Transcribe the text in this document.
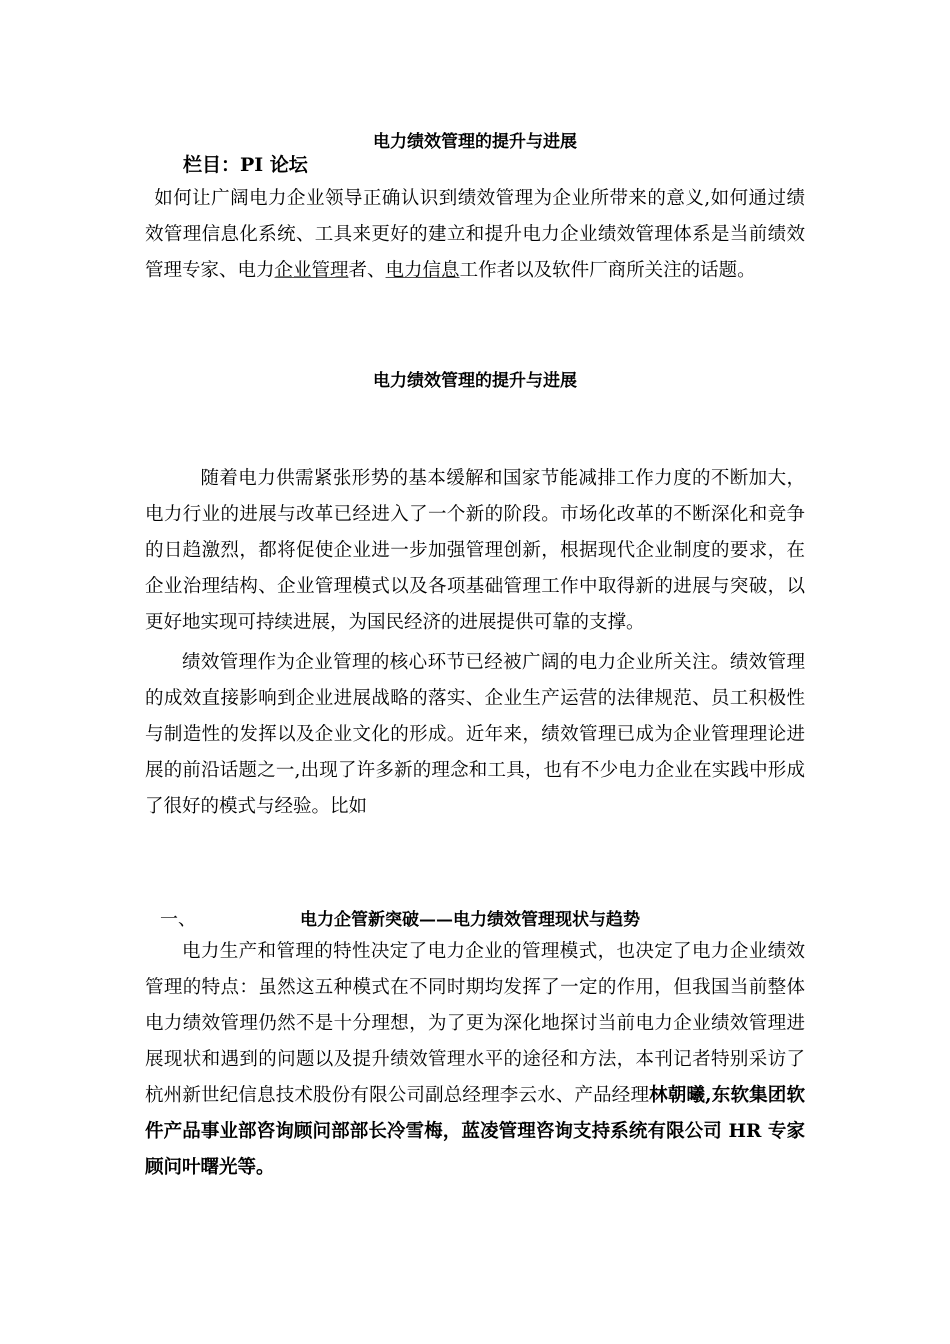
电力绩效管理的提升与进展
栏目：PI 论坛

如何让广阔电力企业领导正确认识到绩效管理为企业所带来的意义,如何通过绩效管理信息化系统、工具来更好的建立和提升电力企业绩效管理体系是当前绩效管理专家、电力企业管理者、电力信息工作者以及软件厂商所关注的话题。

电力绩效管理的提升与进展

随着电力供需紧张形势的基本缓解和国家节能减排工作力度的不断加大，电力行业的进展与改革已经进入了一个新的阶段。市场化改革的不断深化和竞争的日趋激烈，都将促使企业进一步加强管理创新，根据现代企业制度的要求，在企业治理结构、企业管理模式以及各项基础管理工作中取得新的进展与突破，以更好地实现可持续进展，为国民经济的进展提供可靠的支撑。

绩效管理作为企业管理的核心环节已经被广阔的电力企业所关注。绩效管理的成效直接影响到企业进展战略的落实、企业生产运营的法律规范、员工积极性与制造性的发挥以及企业文化的形成。近年来，绩效管理已成为企业管理理论进展的前沿话题之一,出现了许多新的理念和工具，也有不少电力企业在实践中形成了很好的模式与经验。比如

一、	电力企管新突破——电力绩效管理现状与趋势

电力生产和管理的特性决定了电力企业的管理模式，也决定了电力企业绩效管理的特点：虽然这五种模式在不同时期均发挥了一定的作用，但我国当前整体电力绩效管理仍然不是十分理想，为了更为深化地探讨当前电力企业绩效管理进展现状和遇到的问题以及提升绩效管理水平的途径和方法，本刊记者特别采访了杭州新世纪信息技术股份有限公司副总经理李云水、产品经理林朝曦,东软集团软件产品事业部咨询顾问部部长冷雪梅，蓝凌管理咨询支持系统有限公司 HR 专家顾问叶曙光等。
